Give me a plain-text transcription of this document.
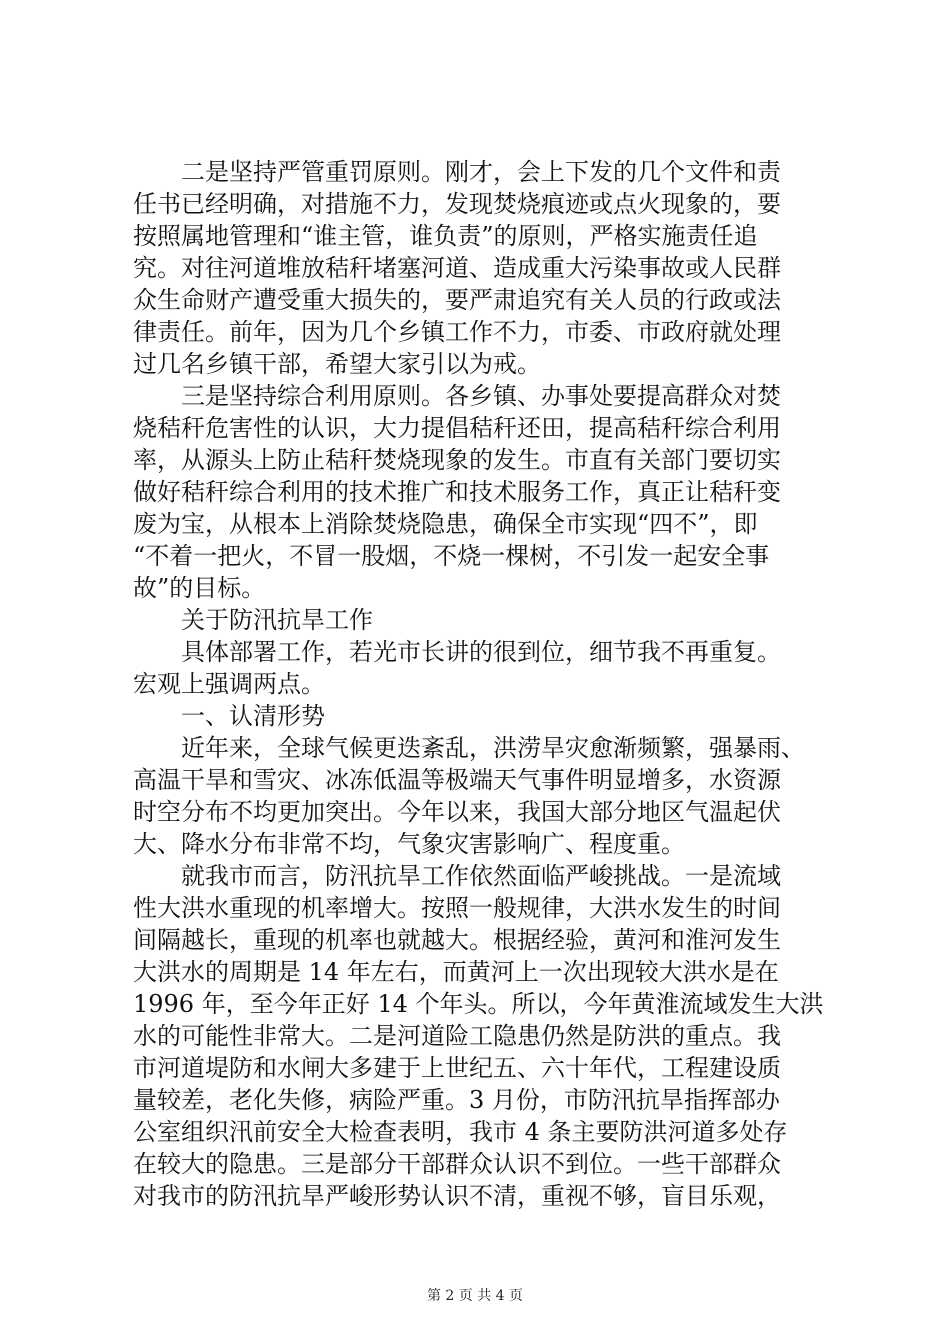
二是坚持严管重罚原则。刚才，会上下发的几个文件和责
任书已经明确，对措施不力，发现焚烧痕迹或点火现象的，要
按照属地管理和“谁主管，谁负责”的原则，严格实施责任追
究。对往河道堆放秸秆堵塞河道、造成重大污染事故或人民群
众生命财产遭受重大损失的，要严肃追究有关人员的行政或法
律责任。前年，因为几个乡镇工作不力，市委、市政府就处理
过几名乡镇干部，希望大家引以为戒。
三是坚持综合利用原则。各乡镇、办事处要提高群众对焚
烧秸秆危害性的认识，大力提倡秸秆还田，提高秸秆综合利用
率，从源头上防止秸秆焚烧现象的发生。市直有关部门要切实
做好秸秆综合利用的技术推广和技术服务工作，真正让秸秆变
废为宝，从根本上消除焚烧隐患，确保全市实现“四不”，即
“不着一把火，不冒一股烟，不烧一棵树，不引发一起安全事
故”的目标。
关于防汛抗旱工作
具体部署工作，若光市长讲的很到位，细节我不再重复。
宏观上强调两点。
一、认清形势
近年来，全球气候更迭紊乱，洪涝旱灾愈渐频繁，强暴雨、
高温干旱和雪灾、冰冻低温等极端天气事件明显增多，水资源
时空分布不均更加突出。今年以来，我国大部分地区气温起伏
大、降水分布非常不均，气象灾害影响广、程度重。
就我市而言，防汛抗旱工作依然面临严峻挑战。一是流域
性大洪水重现的机率增大。按照一般规律，大洪水发生的时间
间隔越长，重现的机率也就越大。根据经验，黄河和淮河发生
大洪水的周期是 14 年左右，而黄河上一次出现较大洪水是在
1996 年，至今年正好 14 个年头。所以，今年黄淮流域发生大洪
水的可能性非常大。二是河道险工隐患仍然是防洪的重点。我
市河道堤防和水闸大多建于上世纪五、六十年代，工程建设质
量较差，老化失修，病险严重。3 月份，市防汛抗旱指挥部办
公室组织汛前安全大检查表明，我市 4 条主要防洪河道多处存
在较大的隐患。三是部分干部群众认识不到位。一些干部群众
对我市的防汛抗旱严峻形势认识不清，重视不够，盲目乐观，
第 2 页 共 4 页
